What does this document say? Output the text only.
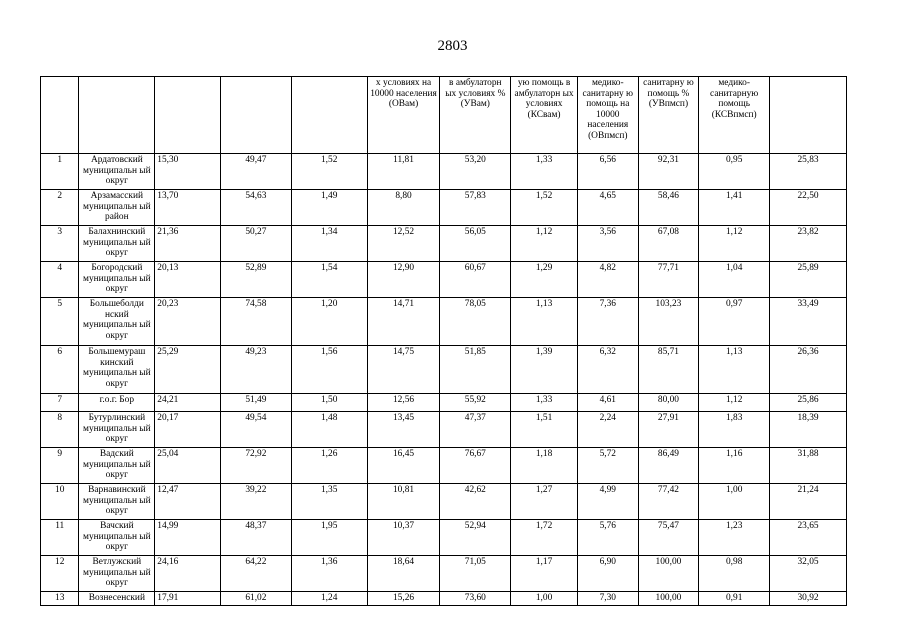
2803
					х условиях на 10000 населения (ОВам)	в амбулаторн ых условиях % (УВам)	ую помощь в амбулаторн ых условиях (КСвам)	медико-санитарну ю помощь на 10000 населения (ОВпмсп)	санитарну ю помощь % (УВпмсп)	медико-санитарную помощь (КСВпмсп)	
1	Ардатовский муниципальн ый округ	15,30	49,47	1,52	11,81	53,20	1,33	6,56	92,31	0,95	25,83
2	Арзамасский муниципальн ый район	13,70	54,63	1,49	8,80	57,83	1,52	4,65	58,46	1,41	22,50
3	Балахнинский муниципальн ый округ	21,36	50,27	1,34	12,52	56,05	1,12	3,56	67,08	1,12	23,82
4	Богородский муниципальн ый округ	20,13	52,89	1,54	12,90	60,67	1,29	4,82	77,71	1,04	25,89
5	Большеболди нский муниципальн ый округ	20,23	74,58	1,20	14,71	78,05	1,13	7,36	103,23	0,97	33,49
6	Большемураш кинский муниципальн ый округ	25,29	49,23	1,56	14,75	51,85	1,39	6,32	85,71	1,13	26,36
7	г.о.г. Бор	24,21	51,49	1,50	12,56	55,92	1,33	4,61	80,00	1,12	25,86
8	Бутурлинский муниципальн ый округ	20,17	49,54	1,48	13,45	47,37	1,51	2,24	27,91	1,83	18,39
9	Вадский муниципальн ый округ	25,04	72,92	1,26	16,45	76,67	1,18	5,72	86,49	1,16	31,88
10	Варнавинский муниципальн ый округ	12,47	39,22	1,35	10,81	42,62	1,27	4,99	77,42	1,00	21,24
11	Вачский муниципальн ый округ	14,99	48,37	1,95	10,37	52,94	1,72	5,76	75,47	1,23	23,65
12	Ветлужский муниципальн ый округ	24,16	64,22	1,36	18,64	71,05	1,17	6,90	100,00	0,98	32,05
13	Вознесенский	17,91	61,02	1,24	15,26	73,60	1,00	7,30	100,00	0,91	30,92
